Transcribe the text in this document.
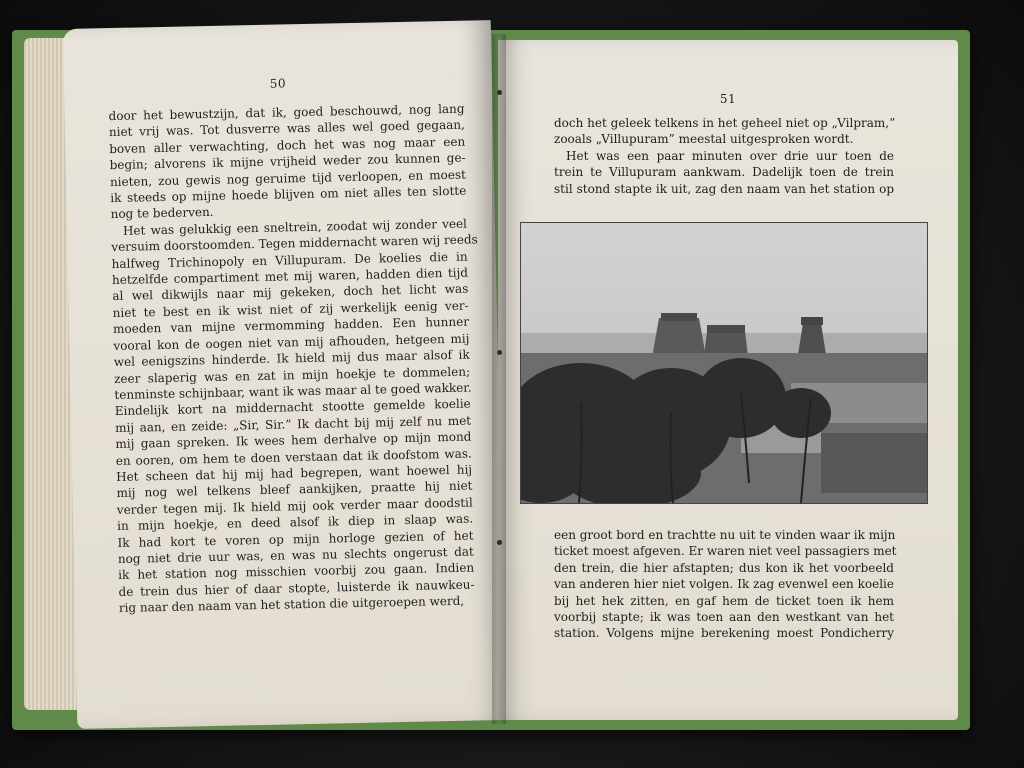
50
door het bewustzijn, dat ik, goed beschouwd, nog lang
niet vrij was. Tot dusverre was alles wel goed gegaan,
boven aller verwachting, doch het was nog maar een
begin; alvorens ik mijne vrijheid weder zou kunnen ge-
nieten, zou gewis nog geruime tijd verloopen, en moest
ik steeds op mijne hoede blijven om niet alles ten slotte
nog te bederven.
Het was gelukkig een sneltrein, zoodat wij zonder veel
versuim doorstoomden. Tegen middernacht waren wij reeds
halfweg Trichinopoly en Villupuram. De koelies die in
hetzelfde compartiment met mij waren, hadden dien tijd
al wel dikwijls naar mij gekeken, doch het licht was
niet te best en ik wist niet of zij werkelijk eenig ver-
moeden van mijne vermomming hadden. Een hunner
vooral kon de oogen niet van mij afhouden, hetgeen mij
wel eenigszins hinderde. Ik hield mij dus maar alsof ik
zeer slaperig was en zat in mijn hoekje te dommelen;
tenminste schijnbaar, want ik was maar al te goed wakker.
Eindelijk kort na middernacht stootte gemelde koelie
mij aan, en zeide: „Sir, Sir.” Ik dacht bij mij zelf nu met
mij gaan spreken. Ik wees hem derhalve op mijn mond
en ooren, om hem te doen verstaan dat ik doofstom was.
Het scheen dat hij mij had begrepen, want hoewel hij
mij nog wel telkens bleef aankijken, praatte hij niet
verder tegen mij. Ik hield mij ook verder maar doodstil
in mijn hoekje, en deed alsof ik diep in slaap was.
Ik had kort te voren op mijn horloge gezien of het
nog niet drie uur was, en was nu slechts ongerust dat
ik het station nog misschien voorbij zou gaan. Indien
de trein dus hier of daar stopte, luisterde ik nauwkeu-
rig naar den naam van het station die uitgeroepen werd,
51
doch het geleek telkens in het geheel niet op „Vilpram,”
zooals „Villupuram” meestal uitgesproken wordt.
Het was een paar minuten over drie uur toen de
trein te Villupuram aankwam. Dadelijk toen de trein
stil stond stapte ik uit, zag den naam van het station op
een groot bord en trachtte nu uit te vinden waar ik mijn
ticket moest afgeven. Er waren niet veel passagiers met
den trein, die hier afstapten; dus kon ik het voorbeeld
van anderen hier niet volgen. Ik zag evenwel een koelie
bij het hek zitten, en gaf hem de ticket toen ik hem
voorbij stapte; ik was toen aan den westkant van het
station. Volgens mijne berekening moest Pondicherry
